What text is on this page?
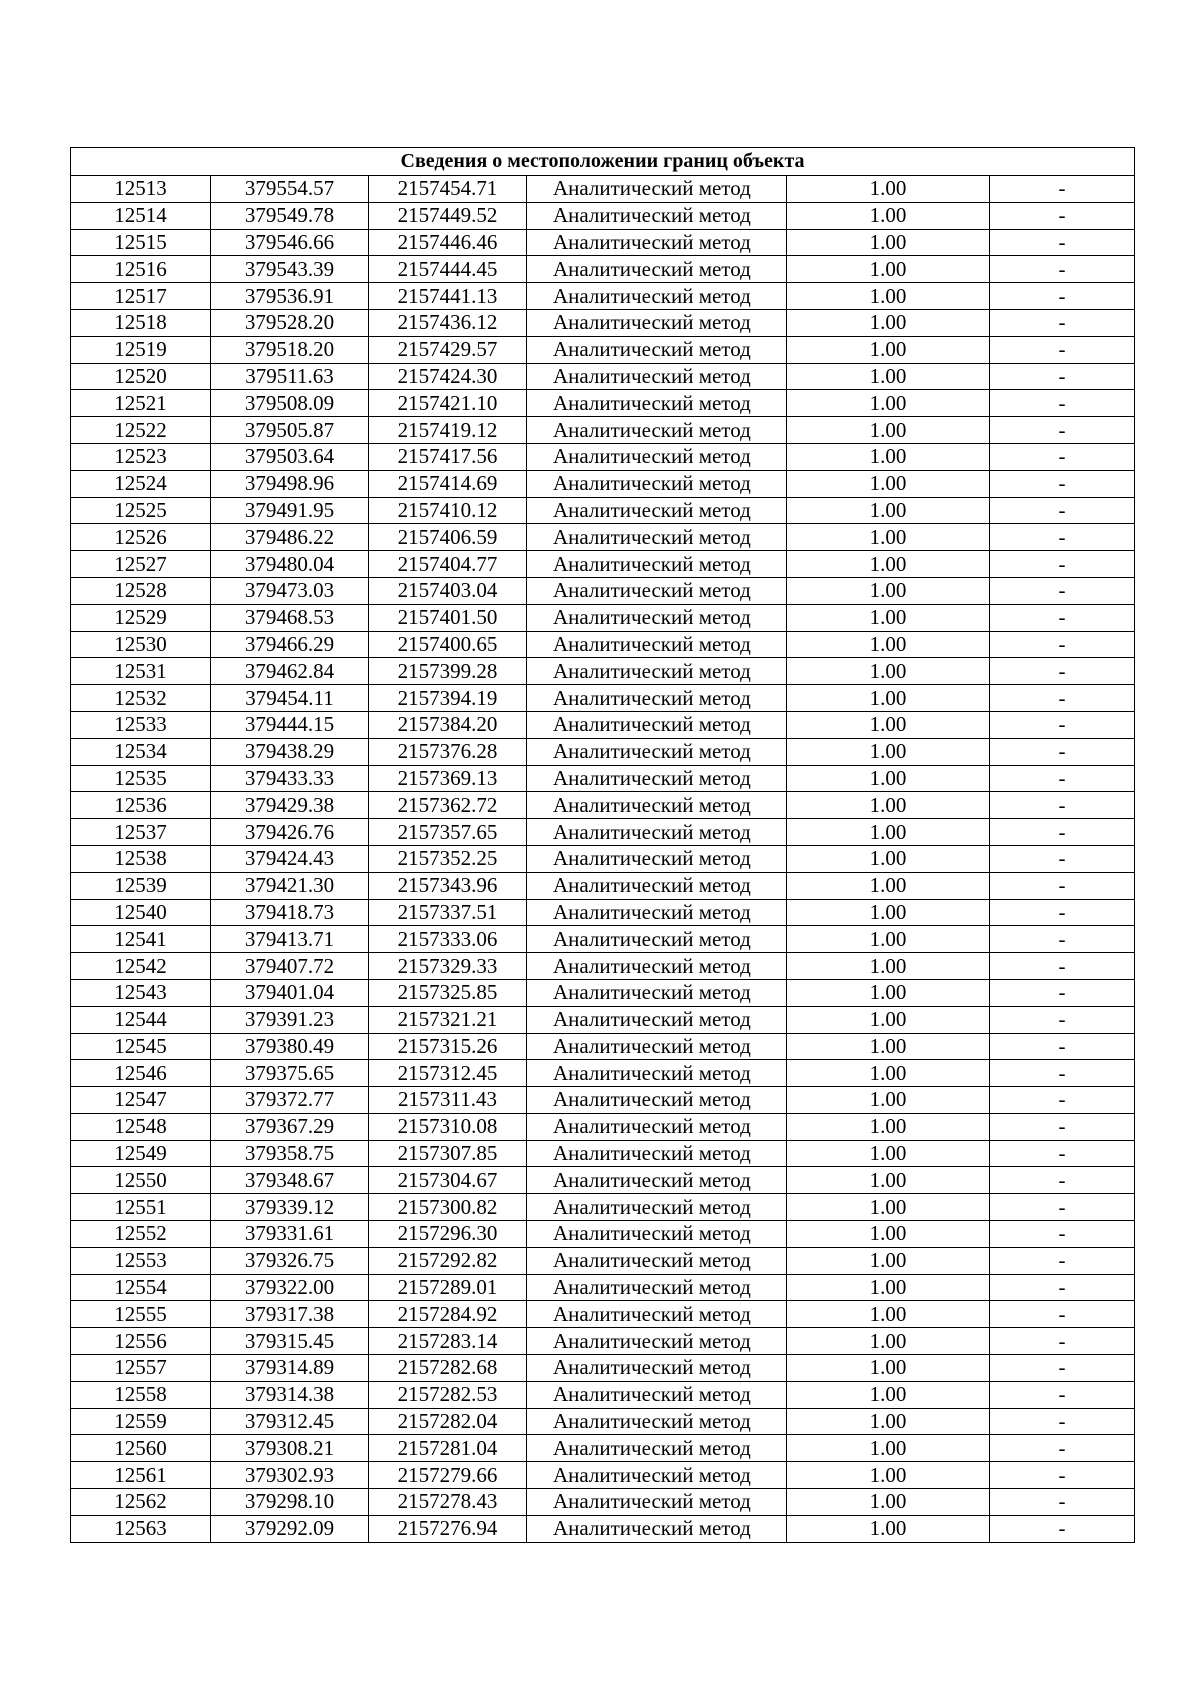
Сведения о местоположении границ объекта					
12513	379554.57	2157454.71	Аналитический метод	1.00	-
12514	379549.78	2157449.52	Аналитический метод	1.00	-
12515	379546.66	2157446.46	Аналитический метод	1.00	-
12516	379543.39	2157444.45	Аналитический метод	1.00	-
12517	379536.91	2157441.13	Аналитический метод	1.00	-
12518	379528.20	2157436.12	Аналитический метод	1.00	-
12519	379518.20	2157429.57	Аналитический метод	1.00	-
12520	379511.63	2157424.30	Аналитический метод	1.00	-
12521	379508.09	2157421.10	Аналитический метод	1.00	-
12522	379505.87	2157419.12	Аналитический метод	1.00	-
12523	379503.64	2157417.56	Аналитический метод	1.00	-
12524	379498.96	2157414.69	Аналитический метод	1.00	-
12525	379491.95	2157410.12	Аналитический метод	1.00	-
12526	379486.22	2157406.59	Аналитический метод	1.00	-
12527	379480.04	2157404.77	Аналитический метод	1.00	-
12528	379473.03	2157403.04	Аналитический метод	1.00	-
12529	379468.53	2157401.50	Аналитический метод	1.00	-
12530	379466.29	2157400.65	Аналитический метод	1.00	-
12531	379462.84	2157399.28	Аналитический метод	1.00	-
12532	379454.11	2157394.19	Аналитический метод	1.00	-
12533	379444.15	2157384.20	Аналитический метод	1.00	-
12534	379438.29	2157376.28	Аналитический метод	1.00	-
12535	379433.33	2157369.13	Аналитический метод	1.00	-
12536	379429.38	2157362.72	Аналитический метод	1.00	-
12537	379426.76	2157357.65	Аналитический метод	1.00	-
12538	379424.43	2157352.25	Аналитический метод	1.00	-
12539	379421.30	2157343.96	Аналитический метод	1.00	-
12540	379418.73	2157337.51	Аналитический метод	1.00	-
12541	379413.71	2157333.06	Аналитический метод	1.00	-
12542	379407.72	2157329.33	Аналитический метод	1.00	-
12543	379401.04	2157325.85	Аналитический метод	1.00	-
12544	379391.23	2157321.21	Аналитический метод	1.00	-
12545	379380.49	2157315.26	Аналитический метод	1.00	-
12546	379375.65	2157312.45	Аналитический метод	1.00	-
12547	379372.77	2157311.43	Аналитический метод	1.00	-
12548	379367.29	2157310.08	Аналитический метод	1.00	-
12549	379358.75	2157307.85	Аналитический метод	1.00	-
12550	379348.67	2157304.67	Аналитический метод	1.00	-
12551	379339.12	2157300.82	Аналитический метод	1.00	-
12552	379331.61	2157296.30	Аналитический метод	1.00	-
12553	379326.75	2157292.82	Аналитический метод	1.00	-
12554	379322.00	2157289.01	Аналитический метод	1.00	-
12555	379317.38	2157284.92	Аналитический метод	1.00	-
12556	379315.45	2157283.14	Аналитический метод	1.00	-
12557	379314.89	2157282.68	Аналитический метод	1.00	-
12558	379314.38	2157282.53	Аналитический метод	1.00	-
12559	379312.45	2157282.04	Аналитический метод	1.00	-
12560	379308.21	2157281.04	Аналитический метод	1.00	-
12561	379302.93	2157279.66	Аналитический метод	1.00	-
12562	379298.10	2157278.43	Аналитический метод	1.00	-
12563	379292.09	2157276.94	Аналитический метод	1.00	-
